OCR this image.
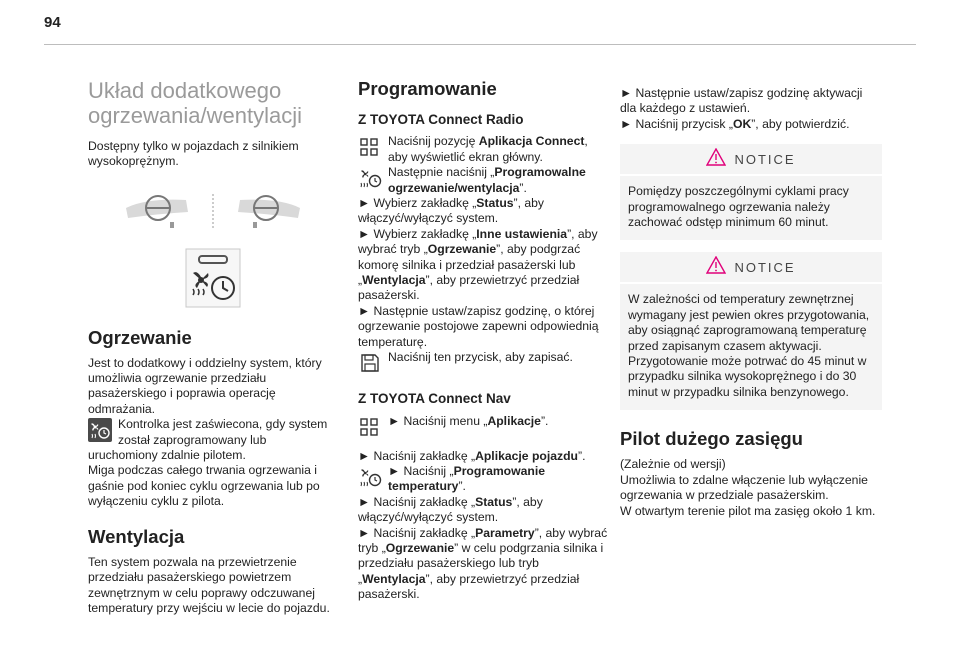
94
Układ dodatkowego ogrzewania/wentylacji

Dostępny tylko w pojazdach z silnikiem wysokoprężnym.

Ogrzewanie

Jest to dodatkowy i oddzielny system, który umożliwia ogrzewanie przedziału pasażerskiego i poprawia operację odmrażania.

Kontrolka jest zaświecona, gdy system został zaprogramowany lub uruchomiony zdalnie pilotem.

Miga podczas całego trwania ogrzewania i gaśnie pod koniec cyklu ogrzewania lub po wyłączeniu cyklu z pilota.

Wentylacja

Ten system pozwala na przewietrzenie przedziału pasażerskiego powietrzem zewnętrznym w celu poprawy odczuwanej temperatury przy wejściu w lecie do pojazdu.

Programowanie
Z TOYOTA Connect Radio

Naciśnij pozycję Aplikacja Connect, aby wyświetlić ekran główny.

Następnie naciśnij „Programowalne ogrzewanie/wentylacja”.

► Wybierz zakładkę „Status”, aby włączyć/wyłączyć system.

► Wybierz zakładkę „Inne ustawienia”, aby wybrać tryb „Ogrzewanie”, aby podgrzać komorę silnika i przedział pasażerski lub „Wentylacja”, aby przewietrzyć przedział pasażerski.

► Następnie ustaw/zapisz godzinę, o której ogrzewanie postojowe zapewni odpowiednią temperaturę.

Naciśnij ten przycisk, aby zapisać.

Z TOYOTA Connect Nav

► Naciśnij menu „Aplikacje”.

► Naciśnij zakładkę „Aplikacje pojazdu”.

► Naciśnij „Programowanie temperatury”.

► Naciśnij zakładkę „Status”, aby włączyć/wyłączyć system.

► Naciśnij zakładkę „Parametry”, aby wybrać tryb „Ogrzewanie” w celu podgrzania silnika i przedziału pasażerskiego lub tryb „Wentylacja”, aby przewietrzyć przedział pasażerski.

► Następnie ustaw/zapisz godzinę aktywacji dla każdego z ustawień.

► Naciśnij przycisk „OK”, aby potwierdzić.

NOTICE

Pomiędzy poszczególnymi cyklami pracy programowalnego ogrzewania należy zachować odstęp minimum 60 minut.

NOTICE

W zależności od temperatury zewnętrznej wymagany jest pewien okres przygotowania, aby osiągnąć zaprogramowaną temperaturę przed zapisanym czasem aktywacji.

Przygotowanie może potrwać do 45 minut w przypadku silnika wysokoprężnego i do 30 minut w przypadku silnika benzynowego.

Pilot dużego zasięgu

(Zależnie od wersji)

Umożliwia to zdalne włączenie lub wyłączenie ogrzewania w przedziale pasażerskim.

W otwartym terenie pilot ma zasięg około 1 km.
